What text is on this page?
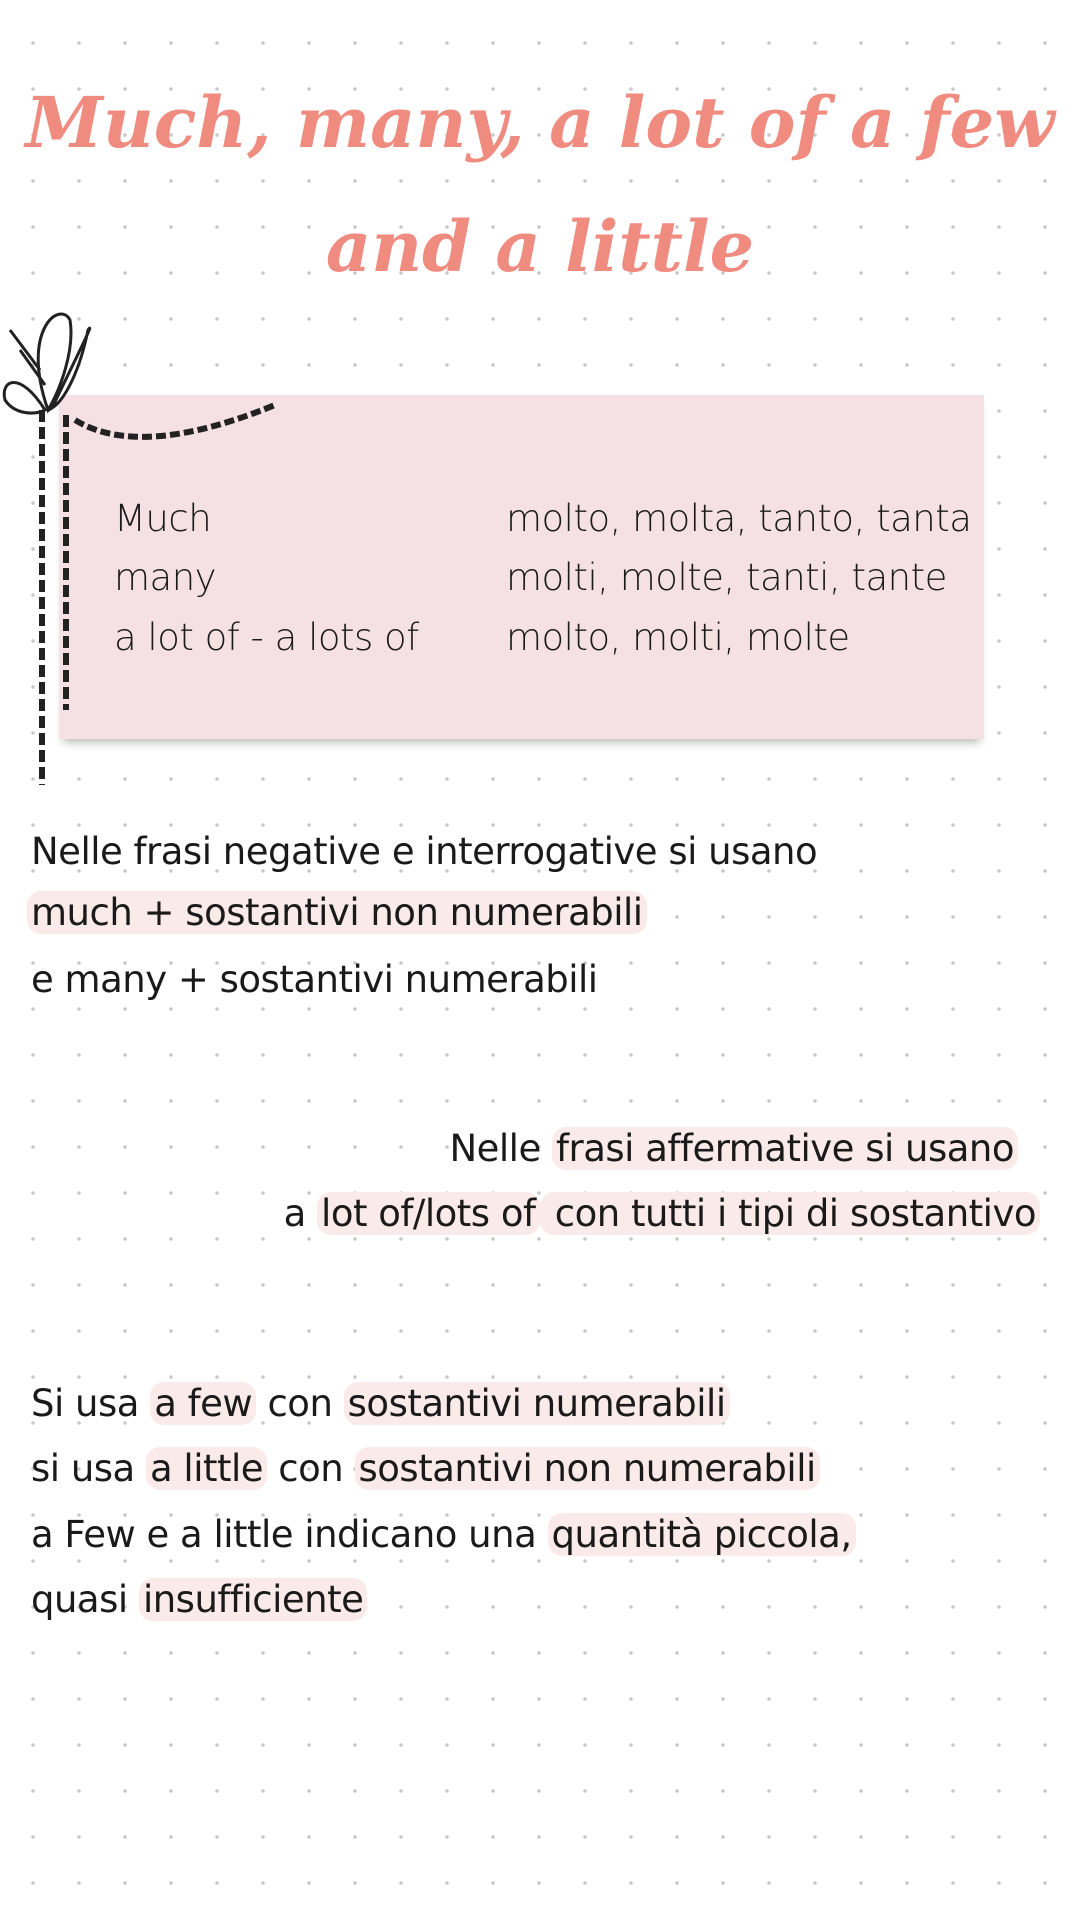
Much, many, a lot of a few
and a little
Much	molto, molta, tanto, tanta
many	molti, molte, tanti, tante
a lot of - a lots of molto, molti, molte
Nelle frasi negative e interrogative si usano
much + sostantivi non numerabili
e many + sostantivi numerabili
Nelle frasi affermative si usano
a lot of/lots of con tutti i tipi di sostantivo
Si usa a few con sostantivi numerabili
si usa a little con sostantivi non numerabili
a Few e a little indicano una quantità piccola,
quasi insufficiente
